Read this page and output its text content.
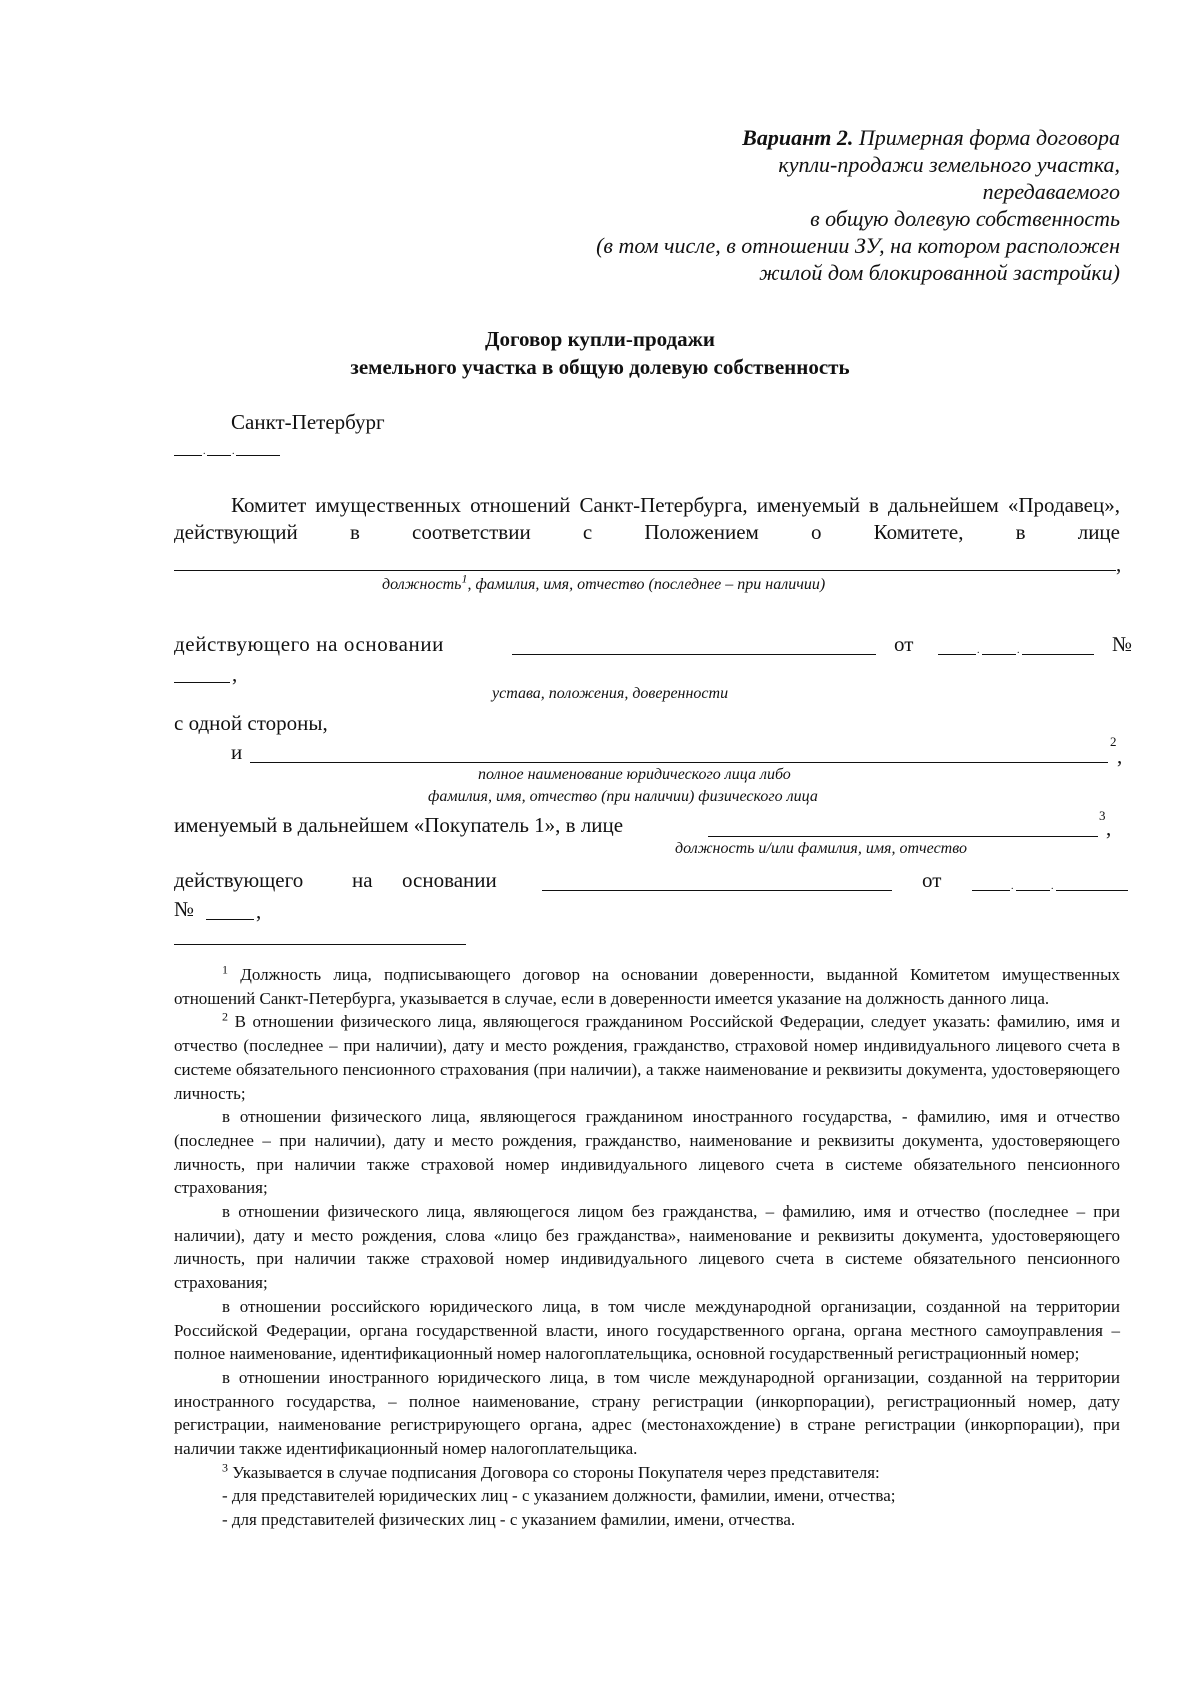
Вариант 2. Примерная форма договора
купли-продажи земельного участка,
передаваемого
в общую долевую собственность
(в том числе, в отношении ЗУ, на котором расположен
жилой дом блокированной застройки)
Договор купли-продажи
земельного участка в общую долевую собственность
Санкт-Петербург
.	.
Комитет имущественных отношений Санкт-Петербурга, именуемый в дальнейшем «Продавец», действующий в соответствии с Положением о Комитете, в лице
,
должность$^1$, фамилия, имя, отчество (последнее – при наличии)
действующего на основании	от	.	.	№
,
устава, положения, доверенности
с одной стороны,
и	2
,
полное наименование юридического лица либо
фамилия, имя, отчество (при наличии) физического лица
именуемый в дальнейшем «Покупатель 1», в лице	3
,
должность и/или фамилия, имя, отчество
действующего на основании	от	.	.
№	,

$^1$ Должность лица, подписывающего договор на основании доверенности, выданной Комитетом имущественных отношений Санкт-Петербурга, указывается в случае, если в доверенности имеется указание на должность данного лица.

$^2$ В отношении физического лица, являющегося гражданином Российской Федерации, следует указать: фамилию, имя и отчество (последнее – при наличии), дату и место рождения, гражданство, страховой номер индивидуального лицевого счета в системе обязательного пенсионного страхования (при наличии), а также наименование и реквизиты документа, удостоверяющего личность;

в отношении физического лица, являющегося гражданином иностранного государства, - фамилию, имя и отчество (последнее – при наличии), дату и место рождения, гражданство, наименование и реквизиты документа, удостоверяющего личность, при наличии также страховой номер индивидуального лицевого счета в системе обязательного пенсионного страхования;

в отношении физического лица, являющегося лицом без гражданства, – фамилию, имя и отчество (последнее – при наличии), дату и место рождения, слова «лицо без гражданства», наименование и реквизиты документа, удостоверяющего личность, при наличии также страховой номер индивидуального лицевого счета в системе обязательного пенсионного страхования;

в отношении российского юридического лица, в том числе международной организации, созданной на территории Российской Федерации, органа государственной власти, иного государственного органа, органа местного самоуправления – полное наименование, идентификационный номер налогоплательщика, основной государственный регистрационный номер;

в отношении иностранного юридического лица, в том числе международной организации, созданной на территории иностранного государства, – полное наименование, страну регистрации (инкорпорации), регистрационный номер, дату регистрации, наименование регистрирующего органа, адрес (местонахождение) в стране регистрации (инкорпорации), при наличии также идентификационный номер налогоплательщика.

$^3$ Указывается в случае подписания Договора со стороны Покупателя через представителя:

- для представителей юридических лиц - с указанием должности, фамилии, имени, отчества;

- для представителей физических лиц - с указанием фамилии, имени, отчества.
